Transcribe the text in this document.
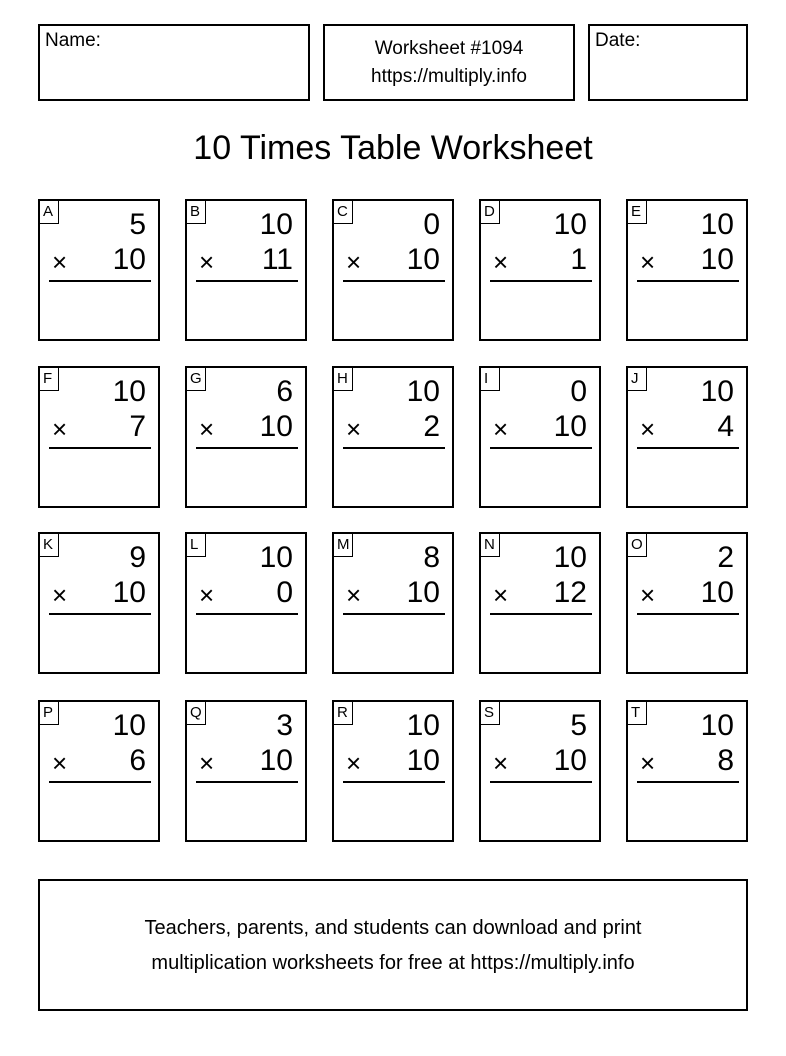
Name:	Worksheet #1094
https://multiply.info
Date:
10 Times Table Worksheet
A	5
× 10
B 10
× 11
C	0
× 10
D 10
× 1
E 10
× 10
F 10
× 7
G 6
× 10
H 10
× 2
I	0
× 10
J 10
× 4
K	9
× 10
L 10
× 0
M 8
× 10
N 10
× 12
O 2
× 10
P 10
× 6
Q 3
× 10
R 10
× 10
S	5
× 10
T 10
× 8
Teachers, parents, and students can download and print
multiplication worksheets for free at https://multiply.info
